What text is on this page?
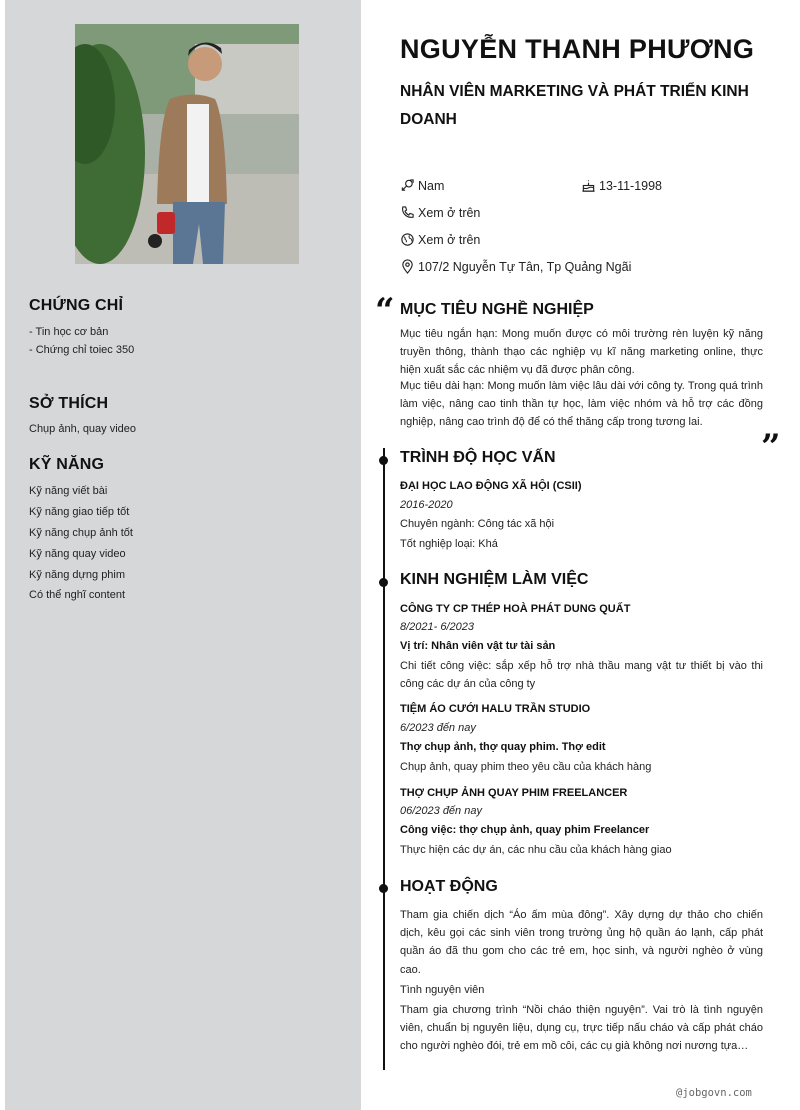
CHỨNG CHỈ
- Tin học cơ bản
- Chứng chỉ toiec 350
SỞ THÍCH
Chụp ảnh, quay video
KỸ NĂNG
Kỹ năng viết bài
Kỹ năng giao tiếp tốt
Kỹ năng chụp ảnh tốt
Kỹ năng quay video
Kỹ năng dựng phim
Có thể nghĩ content
NGUYỄN THANH PHƯƠNG
NHÂN VIÊN MARKETING VÀ PHÁT TRIỂN KINH DOANH
Nam	13-11-1998
Xem ở trên
Xem ở trên
107/2 Nguyễn Tự Tân, Tp Quảng Ngãi
“ MỤC TIÊU NGHỀ NGHIỆP
Mục tiêu ngắn hạn: Mong muốn được có môi trường rèn luyện kỹ năng truyền thông, thành thạo các nghiệp vụ kĩ năng marketing online, thực hiện xuất sắc các nhiệm vụ đã được phân công.
Mục tiêu dài hạn: Mong muốn làm việc lâu dài với công ty. Trong quá trình làm việc, nâng cao tinh thần tự học, làm việc nhóm và hỗ trợ các đồng nghiệp, nâng cao trình độ để có thể thăng cấp trong tương lai.
”
TRÌNH ĐỘ HỌC VẤN
ĐẠI HỌC LAO ĐỘNG XÃ HỘI (CSII)
2016-2020
Chuyên ngành: Công tác xã hội
Tốt nghiệp loại: Khá
KINH NGHIỆM LÀM VIỆC
CÔNG TY CP THÉP HOÀ PHÁT DUNG QUẤT
8/2021- 6/2023
Vị trí: Nhân viên vật tư tài sản
Chi tiết công việc: sắp xếp hỗ trợ nhà thầu mang vật tư thiết bị vào thi công các dự án của công ty
TIỆM ÁO CƯỚI HALU TRẦN STUDIO
6/2023 đến nay
Thợ chụp ảnh, thợ quay phim. Thợ edit
Chụp ảnh, quay phim theo yêu cầu của khách hàng
THỢ CHỤP ẢNH QUAY PHIM FREELANCER
06/2023 đến nay
Công việc: thợ chụp ảnh, quay phim Freelancer
Thực hiện các dự án, các nhu cầu của khách hàng giao
HOẠT ĐỘNG
Tham gia chiến dịch “Áo ấm mùa đông”. Xây dựng dự thảo cho chiến dịch, kêu gọi các sinh viên trong trường ủng hộ quần áo lạnh, cấp phát quần áo đã thu gom cho các trẻ em, học sinh, và người nghèo ở vùng cao.
Tình nguyện viên
Tham gia chương trình “Nồi cháo thiện nguyện”. Vai trò là tình nguyện viên, chuẩn bị nguyên liệu, dụng cụ, trực tiếp nấu cháo và cấp phát cháo cho người nghèo đói, trẻ em mồ côi, các cụ già không nơi nương tựa…
@jobgovn.com
